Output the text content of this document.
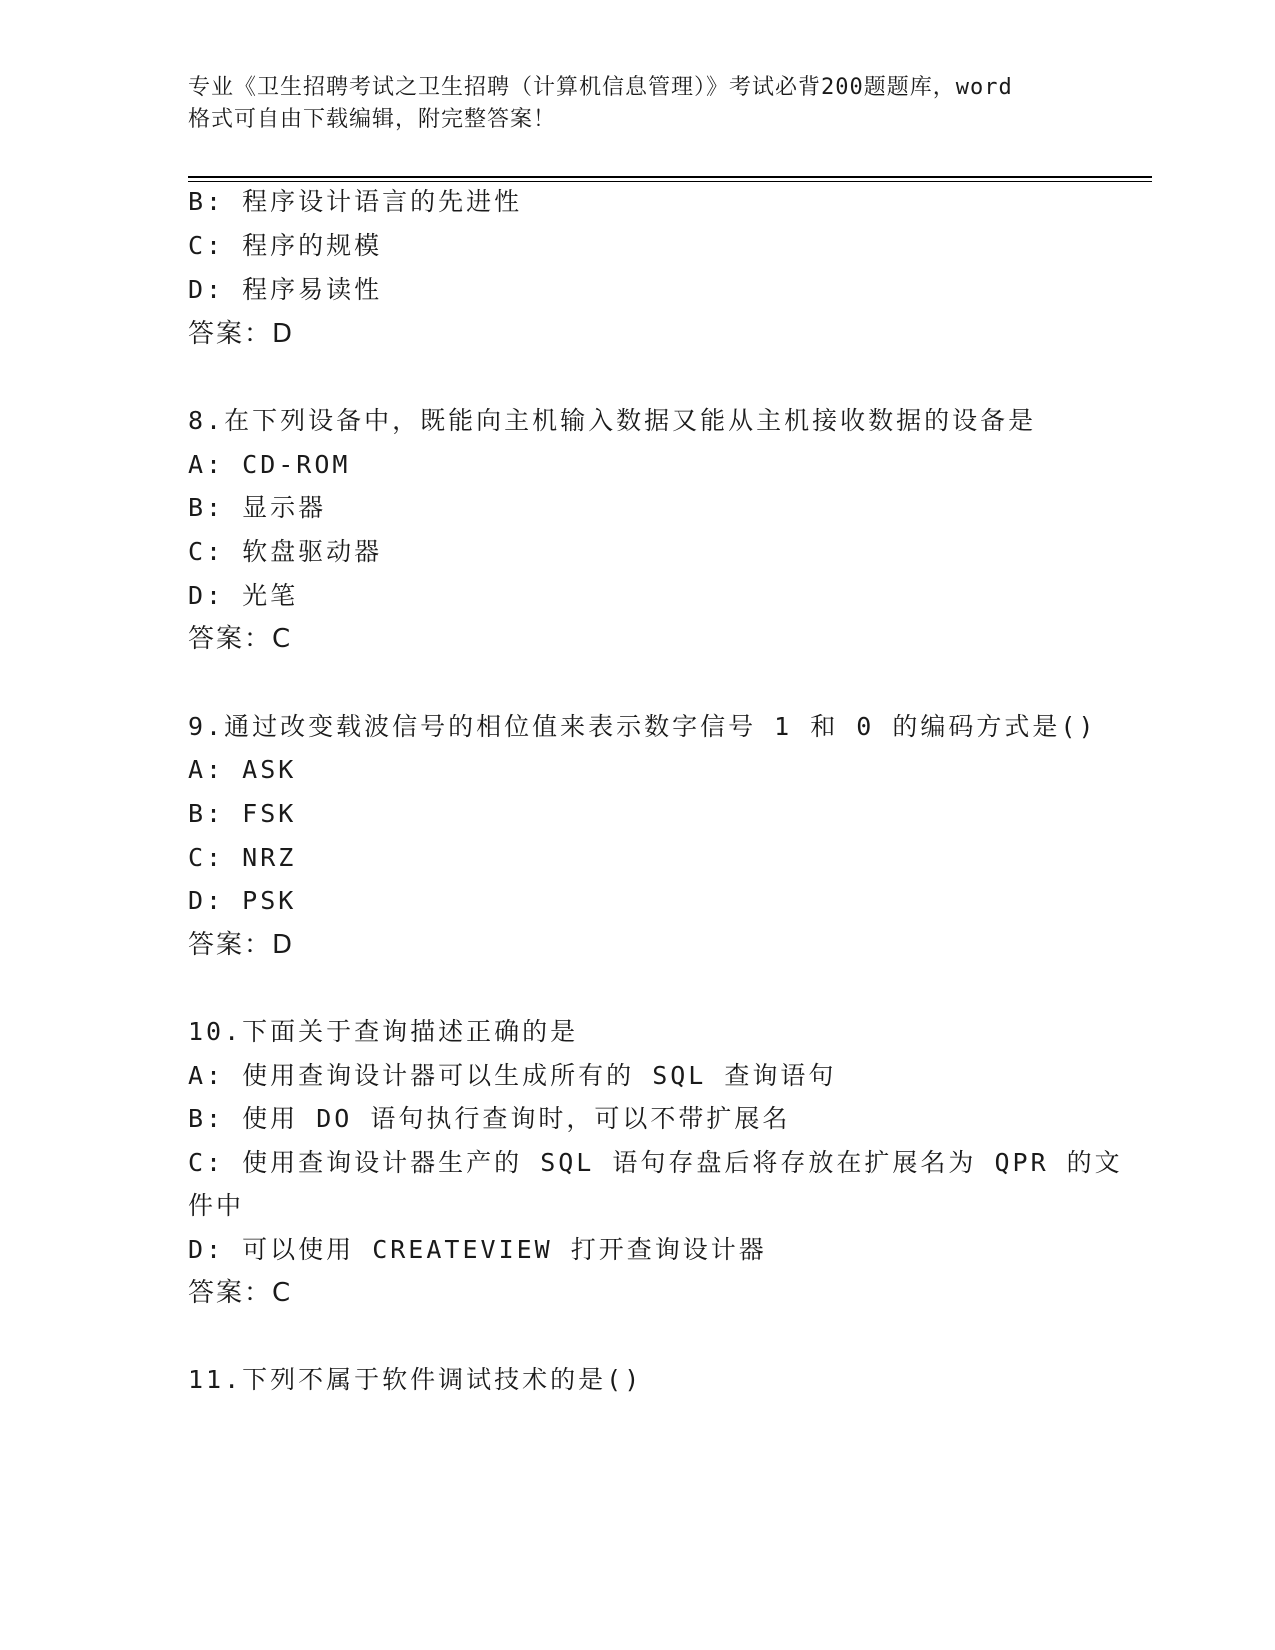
专业《卫生招聘考试之卫生招聘（计算机信息管理）》考试必背200题题库，word
格式可自由下载编辑，附完整答案！
B: 程序设计语言的先进性
C: 程序的规模
D: 程序易读性
答案：D
8.在下列设备中，既能向主机输入数据又能从主机接收数据的设备是
A: CD-ROM
B: 显示器
C: 软盘驱动器
D: 光笔
答案：C
9.通过改变载波信号的相位值来表示数字信号 1 和 0 的编码方式是()
A: ASK
B: FSK
C: NRZ
D: PSK
答案：D
10.下面关于查询描述正确的是
A: 使用查询设计器可以生成所有的 SQL 查询语句
B: 使用 DO 语句执行查询时，可以不带扩展名
C: 使用查询设计器生产的 SQL 语句存盘后将存放在扩展名为 QPR 的文
件中
D: 可以使用 CREATEVIEW 打开查询设计器
答案：C
11.下列不属于软件调试技术的是()
